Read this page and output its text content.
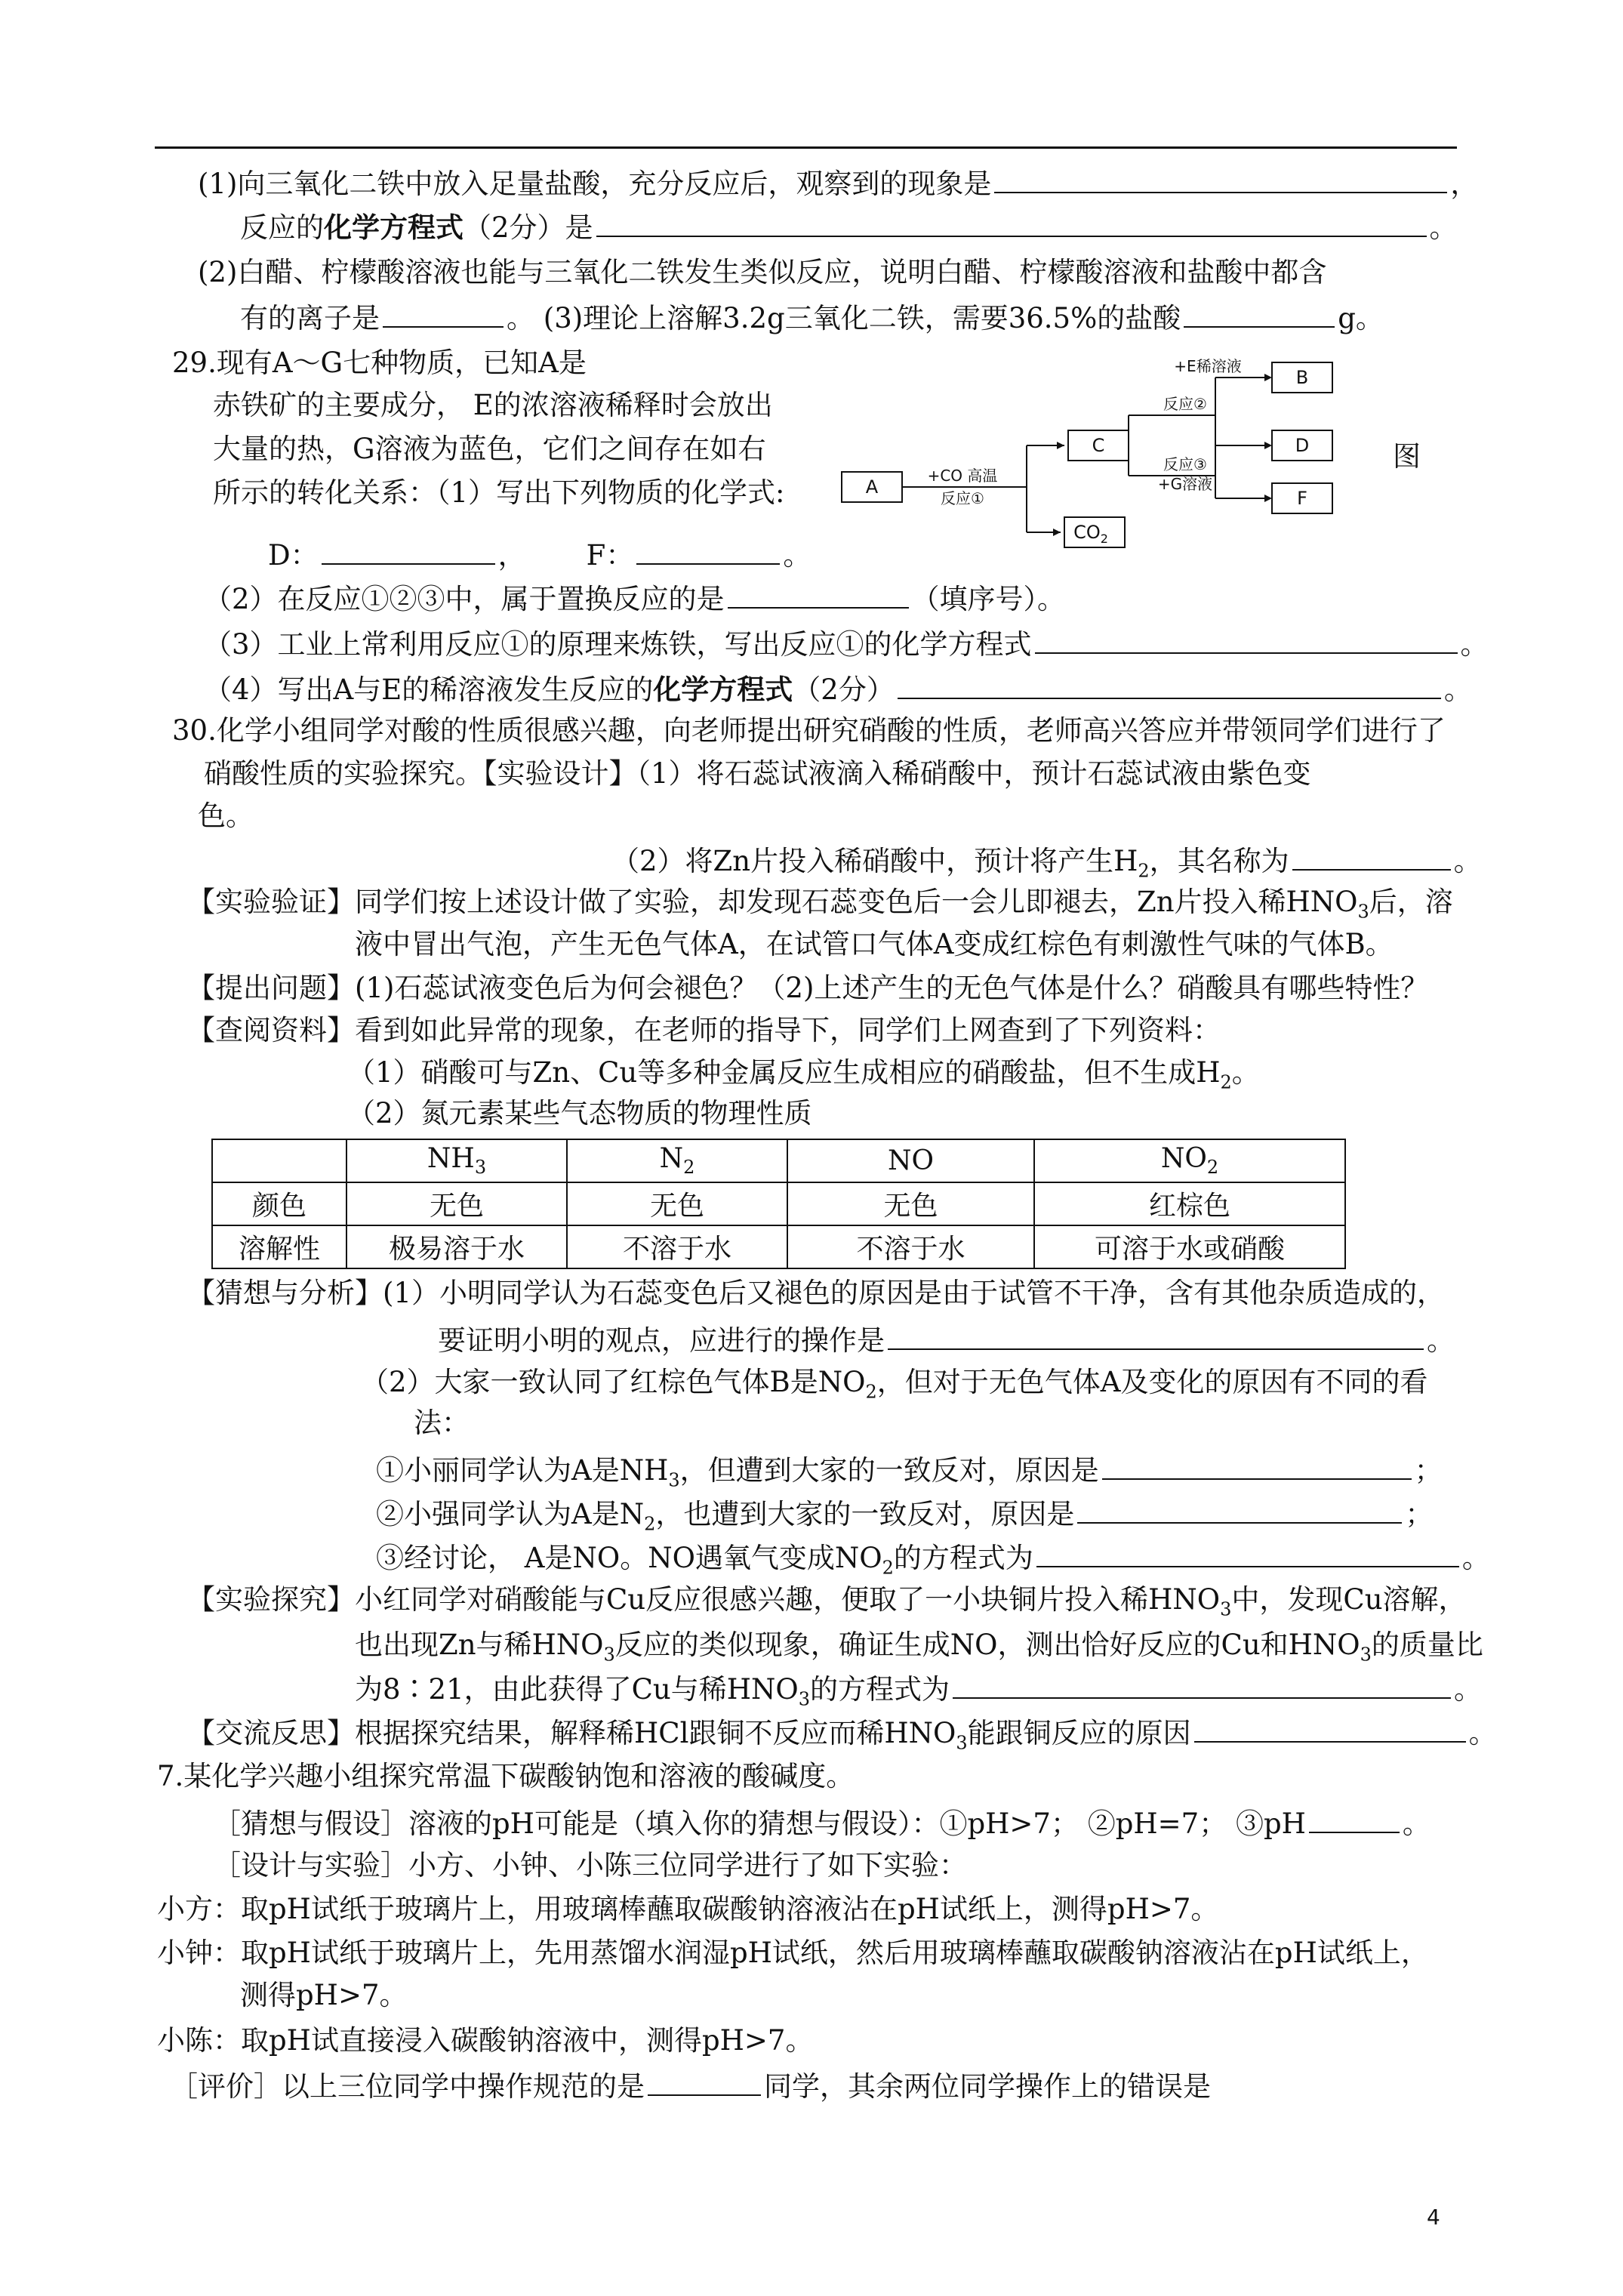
(1)向三氧化二铁中放入足量盐酸，充分反应后，观察到的现象是	，
反应的化学方程式（2分）是	。
(2)白醋、柠檬酸溶液也能与三氧化二铁发生类似反应，说明白醋、柠檬酸溶液和盐酸中都含
有的离子是	。 (3)理论上溶解3.2g三氧化二铁，需要36.5%的盐酸	g。
29.现有A～G七种物质，已知A是
赤铁矿的主要成分， E的浓溶液稀释时会放出
大量的热，G溶液为蓝色，它们之间存在如右
所示的转化关系：（1）写出下列物质的化学式:
图
A
C
B
D
F
$CO_2$
+CO 高温
反应①
+E稀溶液
反应②
反应③
+G溶液
D：	， F：	。
（2）在反应①②③中，属于置换反应的是	（填序号）。
（3）工业上常利用反应①的原理来炼铁，写出反应①的化学方程式	。
（4）写出A与E的稀溶液发生反应的化学方程式（2分）	。
30.化学小组同学对酸的性质很感兴趣，向老师提出研究硝酸的性质，老师高兴答应并带领同学们进行了
硝酸性质的实验探究。【实验设计】（1）将石蕊试液滴入稀硝酸中，预计石蕊试液由紫色变
色。
（2）将Zn片投入稀硝酸中，预计将产生$H_2$，其名称为	。
【实验验证】同学们按上述设计做了实验，却发现石蕊变色后一会儿即褪去，Zn片投入稀$HNO_3$后，溶
液中冒出气泡，产生无色气体A，在试管口气体A变成红棕色有刺激性气味的气体B。
【提出问题】(1)石蕊试液变色后为何会褪色？（2)上述产生的无色气体是什么？硝酸具有哪些特性？
【查阅资料】看到如此异常的现象，在老师的指导下，同学们上网查到了下列资料：
（1）硝酸可与Zn、Cu等多种金属反应生成相应的硝酸盐，但不生成$H_2$。
（2）氮元素某些气态物质的物理性质
	$NH_3$	$N_2$	NO	$NO_2$
颜色	无色	无色	无色	红棕色
溶解性	极易溶于水	不溶于水	不溶于水	可溶于水或硝酸
【猜想与分析】(1）小明同学认为石蕊变色后又褪色的原因是由于试管不干净，含有其他杂质造成的，
要证明小明的观点，应进行的操作是	。
（2）大家一致认同了红棕色气体B是$NO_2$，但对于无色气体A及变化的原因有不同的看
法：
①小丽同学认为A是$NH_3$，但遭到大家的一致反对，原因是	；
②小强同学认为A是$N_2$，也遭到大家的一致反对，原因是	；
③经讨论， A是NO。NO遇氧气变成$NO_2$的方程式为	。
【实验探究】小红同学对硝酸能与Cu反应很感兴趣，便取了一小块铜片投入稀$HNO_3$中，发现Cu溶解，
也出现Zn与稀$HNO_3$反应的类似现象，确证生成NO，测出恰好反应的Cu和$HNO_3$的质量比
为8∶21，由此获得了Cu与稀$HNO_3$的方程式为	。
【交流反思】根据探究结果，解释稀HCl跟铜不反应而稀$HNO_3$能跟铜反应的原因	。
7.某化学兴趣小组探究常温下碳酸钠饱和溶液的酸碱度。
［猜想与假设］溶液的pH可能是（填入你的猜想与假设）：①pH>7； ②pH=7； ③pH	。
［设计与实验］小方、小钟、小陈三位同学进行了如下实验：
小方：取pH试纸于玻璃片上，用玻璃棒蘸取碳酸钠溶液沾在pH试纸上，测得pH>7。
小钟：取pH试纸于玻璃片上，先用蒸馏水润湿pH试纸，然后用玻璃棒蘸取碳酸钠溶液沾在pH试纸上，
测得pH>7。
小陈：取pH试直接浸入碳酸钠溶液中，测得pH>7。
［评价］以上三位同学中操作规范的是	同学，其余两位同学操作上的错误是
4
